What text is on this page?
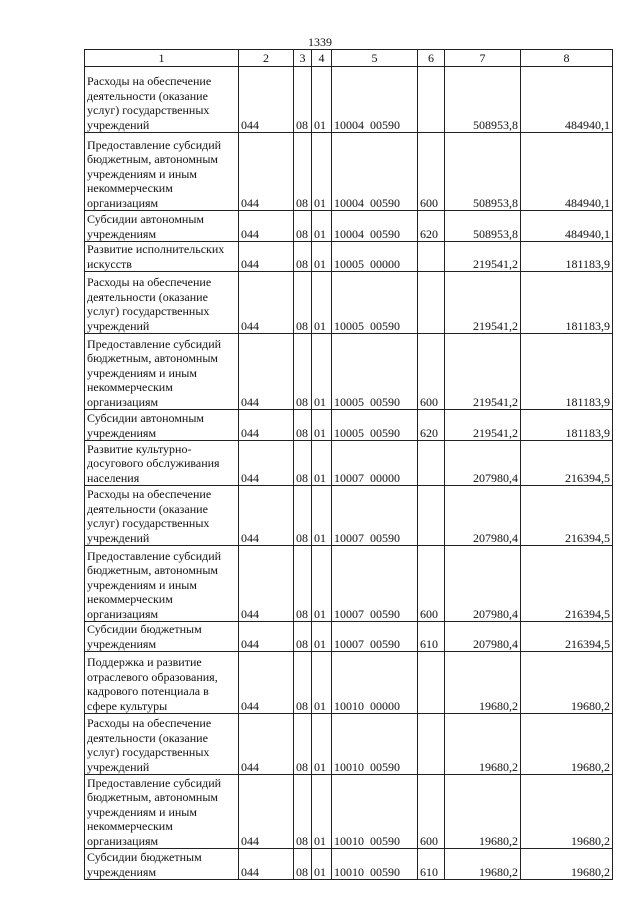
1339
1	2	3	4	5	6	7	8
Расходы на обеспечение деятельности (оказание услуг) государственных учреждений	044	08	01	10004 00590		508953,8	484940,1
Предоставление субсидий бюджетным, автономным учреждениям и иным некоммерческим организациям	044	08	01	10004 00590	600	508953,8	484940,1
Субсидии автономным учреждениям	044	08	01	10004 00590	620	508953,8	484940,1
Развитие исполнительских искусств	044	08	01	10005 00000		219541,2	181183,9
Расходы на обеспечение деятельности (оказание услуг) государственных учреждений	044	08	01	10005 00590		219541,2	181183,9
Предоставление субсидий бюджетным, автономным учреждениям и иным некоммерческим организациям	044	08	01	10005 00590	600	219541,2	181183,9
Субсидии автономным учреждениям	044	08	01	10005 00590	620	219541,2	181183,9
Развитие культурно-досугового обслуживания населения	044	08	01	10007 00000		207980,4	216394,5
Расходы на обеспечение деятельности (оказание услуг) государственных учреждений	044	08	01	10007 00590		207980,4	216394,5
Предоставление субсидий бюджетным, автономным учреждениям и иным некоммерческим организациям	044	08	01	10007 00590	600	207980,4	216394,5
Субсидии бюджетным учреждениям	044	08	01	10007 00590	610	207980,4	216394,5
Поддержка и развитие отраслевого образования, кадрового потенциала в сфере культуры	044	08	01	10010 00000		19680,2	19680,2
Расходы на обеспечение деятельности (оказание услуг) государственных учреждений	044	08	01	10010 00590		19680,2	19680,2
Предоставление субсидий бюджетным, автономным учреждениям и иным некоммерческим организациям	044	08	01	10010 00590	600	19680,2	19680,2
Субсидии бюджетным учреждениям	044	08	01	10010 00590	610	19680,2	19680,2
